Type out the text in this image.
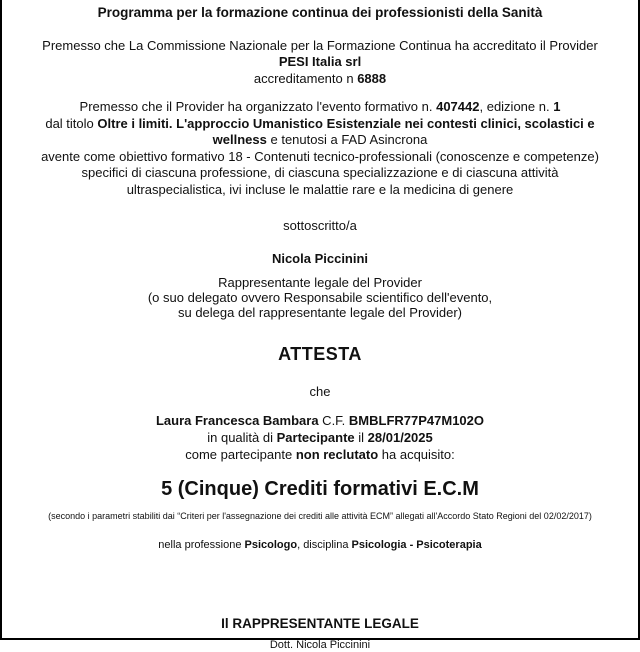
Programma per la formazione continua dei professionisti della Sanità

Premesso che La Commissione Nazionale per la Formazione Continua ha accreditato il Provider
PESI Italia srl
accreditamento n 6888

Premesso che il Provider ha organizzato l'evento formativo n. 407442, edizione n. 1
dal titolo Oltre i limiti. L'approccio Umanistico Esistenziale nei contesti clinici, scolastici e wellness e tenutosi a FAD Asincrona
avente come obiettivo formativo 18 - Contenuti tecnico-professionali (conoscenze e competenze) specifici di ciascuna professione, di ciascuna specializzazione e di ciascuna attività ultraspecialistica, ivi incluse le malattie rare e la medicina di genere

sottoscritto/a

Nicola Piccinini

Rappresentante legale del Provider
(o suo delegato ovvero Responsabile scientifico dell'evento,
su delega del rappresentante legale del Provider)

ATTESTA

che

Laura Francesca Bambara C.F. BMBLFR77P47M102O
in qualità di Partecipante il 28/01/2025
come partecipante non reclutato ha acquisito:

5 (Cinque) Crediti formativi E.C.M

(secondo i parametri stabiliti dai “Criteri per l'assegnazione dei crediti alle attività ECM” allegati all'Accordo Stato Regioni del 02/02/2017)

nella professione Psicologo, disciplina Psicologia - Psicoterapia

Il RAPPRESENTANTE LEGALE
Dott. Nicola Piccinini
